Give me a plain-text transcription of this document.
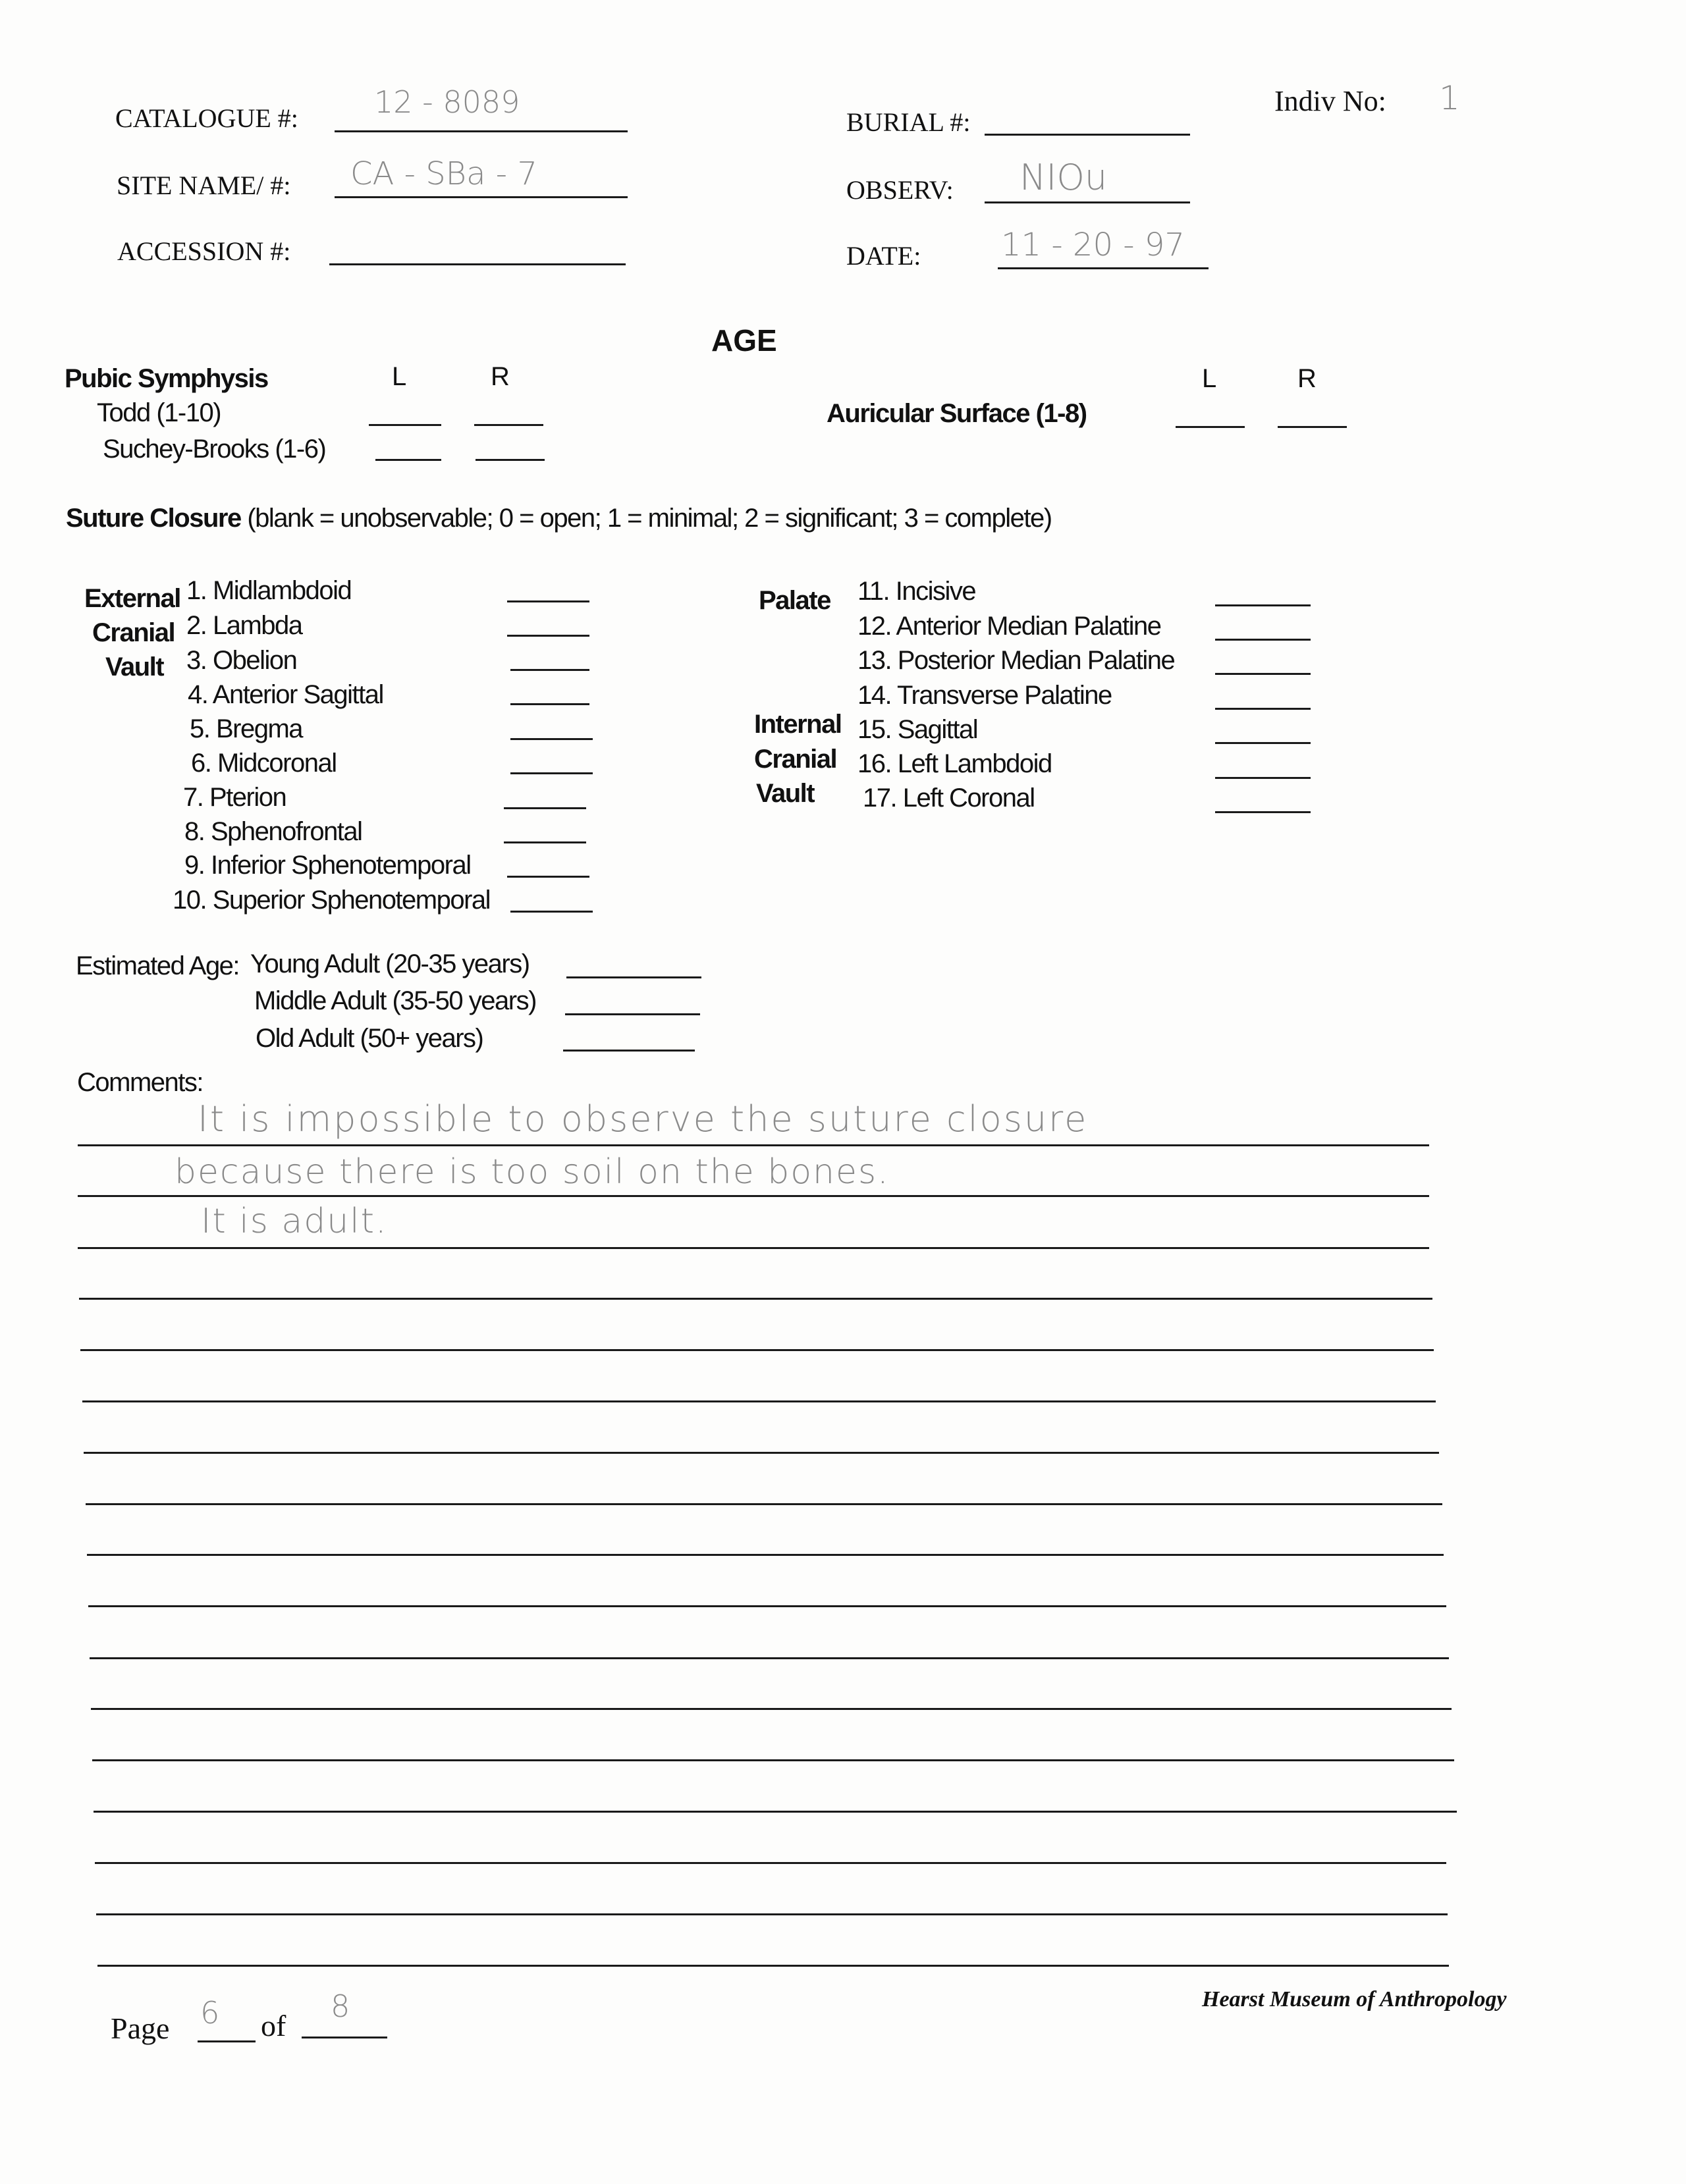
CATALOGUE #:	12 - 8089
SITE NAME/ #: CA - SBa - 7
ACCESSION #:
BURIAL #:
OBSERV: NIOu
DATE:	11 - 20 - 97
Indiv No: 1
AGE
Pubic Symphysis	L	R
Todd (1-10)
Suchey-Brooks (1-6)
L	R
Auricular Surface (1-8)
Suture Closure (blank = unobservable; 0 = open; 1 = minimal; 2 = significant; 3 = complete)
External
Cranial
Vault
1. Midlambdoid
2. Lambda
3. Obelion
4. Anterior Sagittal
5. Bregma
6. Midcoronal
7. Pterion
8. Sphenofrontal
9. Inferior Sphenotemporal
10. Superior Sphenotemporal
Palate
Internal
Cranial
Vault
11. Incisive
12. Anterior Median Palatine
13. Posterior Median Palatine
14. Transverse Palatine
15. Sagittal
16. Left Lambdoid
17. Left Coronal
Estimated Age: Young Adult (20-35 years)
Middle Adult (35-50 years)
Old Adult (50+ years)
Comments:
It is impossible to observe the suture closure
because there is too soil on the bones.
It is adult.
Page 6 of
8	Hearst Museum of Anthropology
